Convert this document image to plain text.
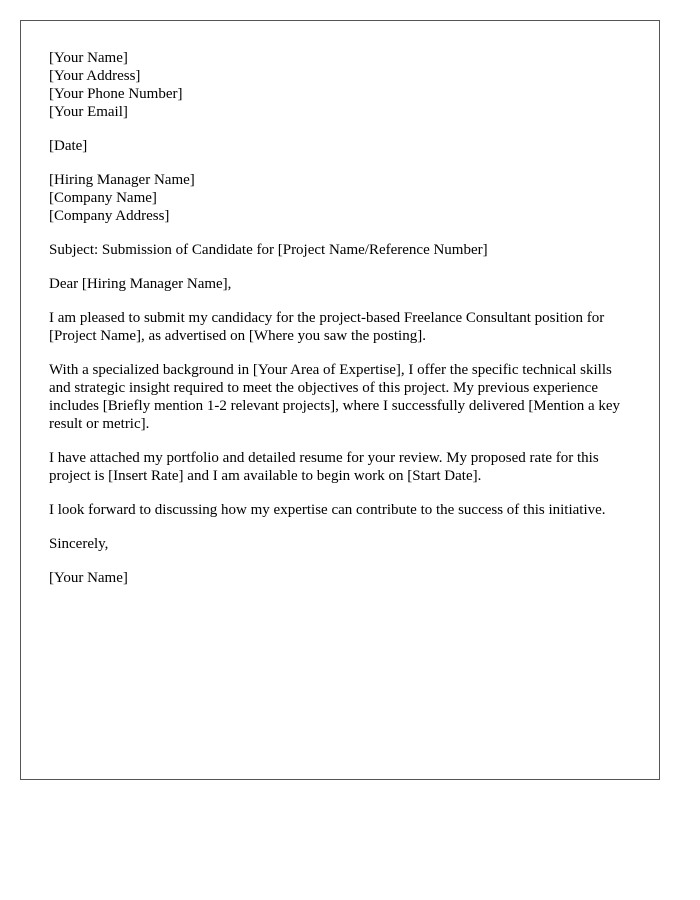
[Your Name]
[Your Address]
[Your Phone Number]
[Your Email]

[Date]

[Hiring Manager Name]
[Company Name]
[Company Address]

Subject: Submission of Candidate for [Project Name/Reference Number]

Dear [Hiring Manager Name],

I am pleased to submit my candidacy for the project-based Freelance Consultant position for [Project Name], as advertised on [Where you saw the posting].

With a specialized background in [Your Area of Expertise], I offer the specific technical skills and strategic insight required to meet the objectives of this project. My previous experience includes [Briefly mention 1-2 relevant projects], where I successfully delivered [Mention a key result or metric].

I have attached my portfolio and detailed resume for your review. My proposed rate for this project is [Insert Rate] and I am available to begin work on [Start Date].

I look forward to discussing how my expertise can contribute to the success of this initiative.

Sincerely,

[Your Name]
